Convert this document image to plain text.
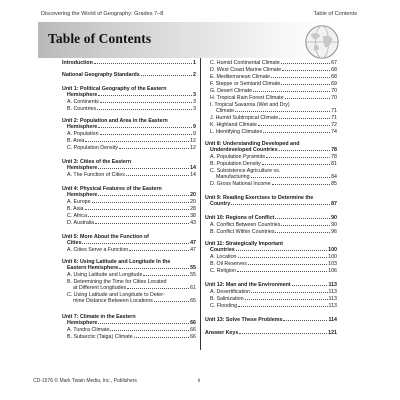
Discovering the World of Geography: Grades 7–8	Table of Contents
Table of Contents
Introduction	1
National Geography Standards	2
Unit 1: Political Geography of the Eastern
Hemisphere	3
A. Continents	3
B. Countries	3
Unit 2: Population and Area in the Eastern
Hemisphere	9
A. Population	9
B. Area	12
C. Population Density	12
Unit 3: Cities of the Eastern
Hemisphere	14
A. The Function of Cities	14
Unit 4: Physical Features of the Eastern
Hemisphere	20
A. Europe	20
B. Asia	28
C. Africa	38
D. Australia	43
Unit 5: More About the Function of
Cities	47
A. Cities Serve a Function	47
Unit 6: Using Latitude and Longitude In the
Eastern Hemisphere	55
A. Using Latitude and Longitude	55
B. Determining the Time for Cities Located
at Different Longitudes	61
C. Using Latitude and Longitude to Deter-
mine Distance Between Locations	65
Unit 7: Climate in the Eastern
Hemisphere	66
A. Tundra Climate	66
B. Subarctic (Taiga) Climate	66
C. Humid Continental Climate	67
D. West Coast Marine Climate	68
E. Mediterranean Climate	68
F. Steppe or Semiarid Climate	69
G. Desert Climate	70
H. Tropical Rain Forest Climate	70
I. Tropical Savanna (Wet and Dry)
Climate	71
J. Humid Subtropical Climate	71
K. Highland Climate	72
L. Identifying Climates	74
Unit 8: Understanding Developed and
Underdeveloped Countries	78
A. Population Pyramids	78
B. Population Density	81
C. Subsistence Agriculture vs.
Manufacturing	84
D. Gross National Income	85
Unit 9: Reading Exercises to Determine the
Country	87
Unit 10: Regions of Conflict	90
A. Conflict Between Countries	90
B. Conflict Within Countries	96
Unit 11: Strategically Important
Countries	100
A. Location	100
B. Oil Reserves	103
C. Religion	106
Unit 12: Man and the Environment	113
A. Desertification	113
B. Salinization	113
C. Flooding	113
Unit 13: Solve These Problems	114
Answer Keys	121
CD-1576 © Mark Twain Media, Inc., Publishers	ii
